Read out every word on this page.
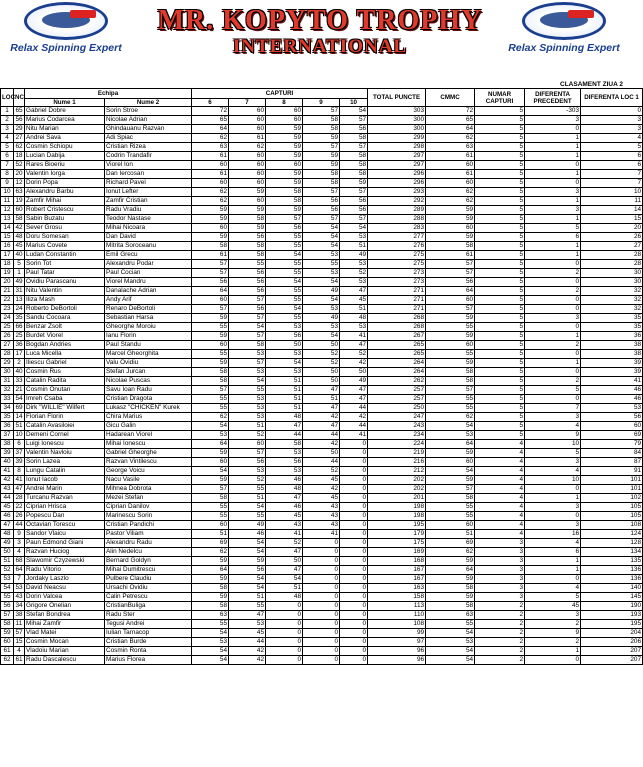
Relax Spinning Expert
MR. KOPYTO TROPHY
INTERNATIONAL	Relax Spinning Expert
CLASAMENT ZIUA 2
LOC	NC	Echipa		CAPTURI					TOTAL PUNCTE	CMMC	NUMAR CAPTURI	DIFERENTA PRECEDENT	DIFERENTA LOC 1
		Nume 1	Nume 2	6	7	8	9	10					
1	65	Gabriel Dobre	Sorin Stroe	72	60	60	57	54	303	72	5	-303	0
2	56	Marius Codarcea	Nicolae Adrian	65	60	60	58	57	300	65	5	3	3
3	29	Nitu Marian	Ghindauanu Razvan	64	60	59	58	56	300	64	5	0	3
4	27	Andrei Sava	Adi Spiac	62	61	59	59	58	299	62	5	1	4
5	62	Cosmin Schiopu	Cristian Rizea	63	62	59	57	57	298	63	5	1	5
6	18	Lucian Dabija	Codrin Trandafir	61	60	59	59	58	297	61	5	1	6
7	52	Rares Bioeriu	Viorel Ion	60	60	60	59	58	297	60	5	0	6
8	20	Valentin Iorga	Dan Iercosan	61	60	59	58	58	296	61	5	1	7
9	12	Dorin Popa	Richard Pavel	60	60	59	58	59	296	60	5	0	7
10	63	Alexandru Barbu	Ionut Lefter	62	59	58	57	57	293	62	5	3	10
11	19	Zamfir Mihai	Zamfir Cristian	62	60	58	56	56	292	62	5	1	11
12	60	Robert Cristescu	Radu Vradiu	59	59	59	56	56	289	59	5	3	14
13	58	Sabin Buzatu	Teodor Nastase	59	58	57	57	57	288	59	5	1	15
14	42	Sever Grosu	Mihai Nicoara	60	59	56	54	54	283	60	5	5	20
15	48	Doru Somesan	Dan David	59	56	55	54	53	277	59	5	6	26
16	45	Marius Covete	Mitrita Soroceanu	58	58	55	54	51	276	58	5	1	27
17	40	Ludan Constantin	Emil Grecu	61	58	54	53	49	275	61	5	1	28
18	5	Sorin Tot	Alexandru Podar	57	55	55	55	53	275	57	5	0	28
19	1	Paul Tatar	Paul Cocian	57	56	55	53	52	273	57	5	2	30
20	49	Ovidiu Parascanu	Viorel Mandru	56	56	54	54	53	273	56	5	0	30
21	31	Nitu Valentin	Danalache Adrian	64	56	55	49	47	271	64	5	2	32
22	13	Iliza Mash	Andy Arif	60	57	55	54	45	271	60	5	0	32
23	24	Roberto DeBortoli	Renaro DeBortoli	57	56	54	53	51	271	57	5	0	32
24	35	Sandu Cocoara	Sebastian Harsa	59	57	55	49	48	268	59	5	3	35
25	66	Benzar Zsolt	Gheorghe Moroiu	55	54	53	53	53	268	55	5	0	35
26	25	Burdet Viorel	Ianu Florin	59	57	56	54	41	267	59	5	1	36
27	36	Bogdan Andries	Paul Standu	60	58	50	50	47	265	60	5	2	38
28	17	Luca Micella	Marcel Gheorghita	55	53	53	52	52	265	55	5	0	38
29	2	Iliescu Gabriel	Valu Ovidiu	59	57	54	52	42	264	59	5	1	39
30	40	Cosmin Rus	Stefan Jurcan	58	53	53	50	50	264	58	5	0	39
31	33	Catalin Radita	Nicolae Puscas	58	54	51	50	49	262	58	5	2	41
32	21	Cosmin Onutan	Savu Ioan Radu	57	55	51	47	47	257	57	5	5	46
33	54	Imreh Csaba	Cristian Dragota	55	53	51	51	47	257	55	5	0	46
34	69	Dirk "WILLIE" Wilfert	Lukasz "CHICKEN" Kurek	55	53	51	47	44	250	55	5	7	53
35	14	Florian Florin	Chira Marius	62	53	48	42	42	247	62	5	3	56
36	51	Catalin Avasiloiei	Gicu Galin	54	51	47	47	44	243	54	5	4	60
37	10	Demeni Cornel	Hadarean Viorel	53	52	44	44	41	234	53	5	9	69
38	6	Luigi Ionescu	Mihai Ionescu	64	60	58	42	0	224	64	4	10	79
39	37	Valentin Navloiu	Gabriel Gheorghe	59	57	53	50	0	219	59	4	5	84
40	39	Sorin Lazea	Razvan Vintilescu	60	56	56	44	0	216	60	4	3	87
41	8	Lungu Catalin	George Voicu	54	53	53	52	0	212	54	4	4	91
42	41	Ionut Iacob	Nacu Vasile	59	52	46	45	0	202	59	4	10	101
43	47	Andrei Marin	Mihnea Dobrota	57	55	48	42	0	202	57	4	0	101
44	28	Turcanu Razvan	Mezei Stefan	58	51	47	45	0	201	58	4	1	102
45	22	Ciprian Hrisca	Ciprian Danilov	55	54	46	43	0	198	55	4	3	105
46	26	Popescu Dan	Marinescu Sorin	55	55	45	43	0	198	55	4	0	105
47	44	Octavian Torescu	Cristian Pandichi	60	49	43	43	0	195	60	4	3	108
48	9	Sandor Vlaicu	Pastor Viliam	51	46	41	41	0	179	51	4	16	124
49	3	Paun Edmond Giani	Alexandru Radu	69	54	52	0	0	175	69	3	4	128
50	4	Razvan Huciog	Alin Nedelcu	62	54	47	0	0	169	62	3	6	134
51	68	Slawomir Czyzewski	Bernard Goldyn	59	59	50	0	0	168	59	3	1	135
52	64	Radu Vitorio	Mihai Dumitrescu	64	56	47	0	0	167	64	3	1	136
53	7	Jordaky Laszlo	Pulbere Claudiu	59	54	54	0	0	167	59	3	0	136
54	53	David Neacsu	Ursachi Ovidiu	58	54	51	0	0	163	58	3	4	140
55	43	Dorin Valcea	Calin Petrescu	59	51	48	0	0	158	59	3	5	145
56	34	Grigore Onelian	CristianBuliga	58	55	0	0	0	113	58	2	45	190
57	38	Stefan Bondrea	Radu Ster	63	47	0	0	0	110	63	2	3	193
58	11	Mihai Zamfir	Tegusi Andrei	55	53	0	0	0	108	55	2	2	195
59	57	Vlad Matei	Iulian Tarnacop	54	45	0	0	0	99	54	2	9	204
60	15	Cosmin Mocan	Cristian Burde	53	44	0	0	0	97	53	2	2	206
61	4	Vladoiu Marian	Cosmin Ronta	54	42	0	0	0	96	54	2	1	207
62	61	Radu Dascalescu	Marius Florea	54	42	0	0	0	96	54	2	0	207
